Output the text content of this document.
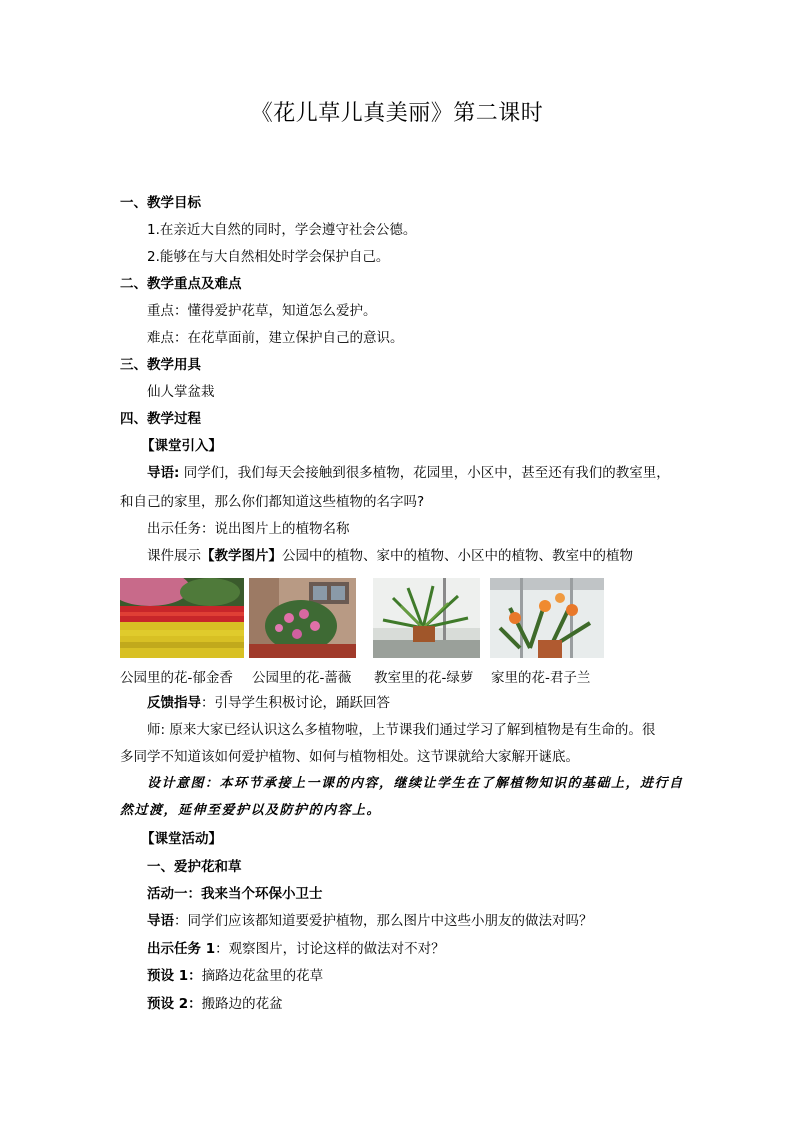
《花儿草儿真美丽》第二课时
一、教学目标
1.在亲近大自然的同时，学会遵守社会公德。
2.能够在与大自然相处时学会保护自己。
二、教学重点及难点
重点：懂得爱护花草，知道怎么爱护。
难点：在花草面前，建立保护自己的意识。
三、教学用具
仙人掌盆栽
四、教学过程
【课堂引入】
导语: 同学们，我们每天会接触到很多植物，花园里，小区中，甚至还有我们的教室里，
和自己的家里，那么你们都知道这些植物的名字吗?
出示任务：说出图片上的植物名称
课件展示【教学图片】公园中的植物、家中的植物、小区中的植物、教室中的植物
公园里的花-郁金香 公园里的花-蔷薇 教室里的花-绿萝 家里的花-君子兰
反馈指导：引导学生积极讨论，踊跃回答
师: 原来大家已经认识这么多植物啦，上节课我们通过学习了解到植物是有生命的。很
多同学不知道该如何爱护植物、如何与植物相处。这节课就给大家解开谜底。
设计意图：本环节承接上一课的内容，继续让学生在了解植物知识的基础上，进行自
然过渡，延伸至爱护以及防护的内容上。
【课堂活动】
一、爱护花和草
活动一：我来当个环保小卫士
导语：同学们应该都知道要爱护植物，那么图片中这些小朋友的做法对吗？
出示任务 1：观察图片，讨论这样的做法对不对？
预设 1：摘路边花盆里的花草
预设 2：搬路边的花盆
